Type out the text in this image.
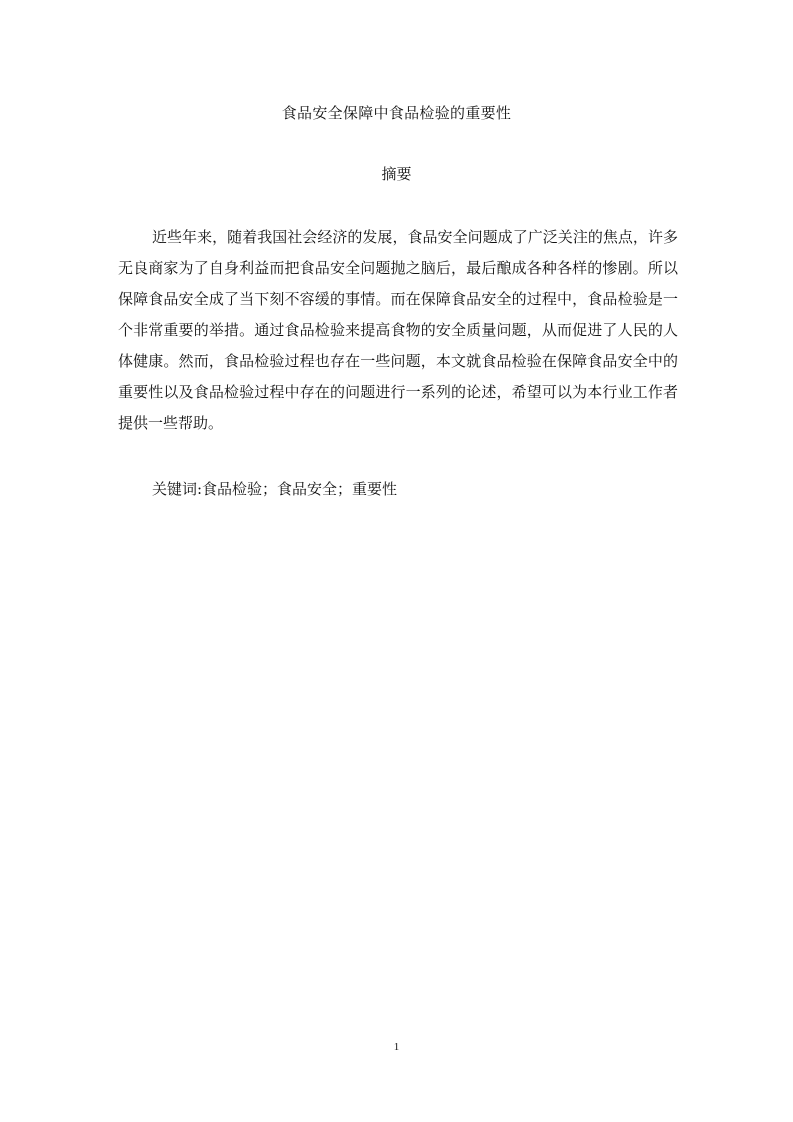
食品安全保障中食品检验的重要性
摘要

近些年来，随着我国社会经济的发展，食品安全问题成了广泛关注的焦点，许多无良商家为了自身利益而把食品安全问题抛之脑后，最后酿成各种各样的惨剧。所以保障食品安全成了当下刻不容缓的事情。而在保障食品安全的过程中，食品检验是一个非常重要的举措。通过食品检验来提高食物的安全质量问题，从而促进了人民的人体健康。然而，食品检验过程也存在一些问题，本文就食品检验在保障食品安全中的重要性以及食品检验过程中存在的问题进行一系列的论述，希望可以为本行业工作者提供一些帮助。

关键词:食品检验；食品安全；重要性
1
